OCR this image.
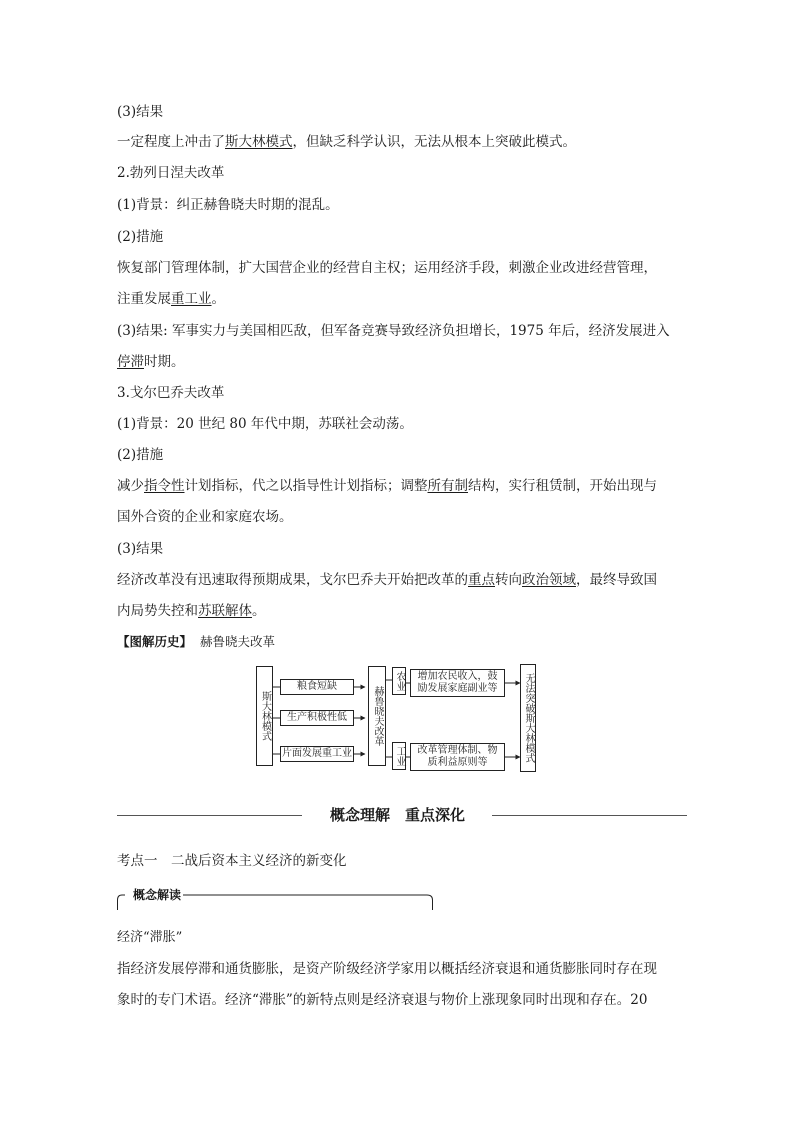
(3)结果
一定程度上冲击了斯大林模式，但缺乏科学认识，无法从根本上突破此模式。
2.勃列日涅夫改革
(1)背景：纠正赫鲁晓夫时期的混乱。
(2)措施
恢复部门管理体制，扩大国营企业的经营自主权；运用经济手段，刺激企业改进经营管理，
注重发展重工业。
(3)结果: 军事实力与美国相匹敌，但军备竞赛导致经济负担增长，1975 年后，经济发展进入
停滞时期。
3.戈尔巴乔夫改革
(1)背景：20 世纪 80 年代中期，苏联社会动荡。
(2)措施
减少指令性计划指标，代之以指导性计划指标；调整所有制结构，实行租赁制，开始出现与
国外合资的企业和家庭农场。
(3)结果
经济改革没有迅速取得预期成果，戈尔巴乔夫开始把改革的重点转向政治领域，最终导致国
内局势失控和苏联解体。
【图解历史】 赫鲁晓夫改革
斯大林模式
粮食短缺
生产积极性低
片面发展重工业
赫鲁晓夫改革
农业
工业
增加农民收入，鼓励发展家庭副业等
改革管理体制、物质利益原则等	无法突破斯大林模式
概念理解　重点深化
考点一　二战后资本主义经济的新变化
概念解读
经济“滞胀”
指经济发展停滞和通货膨胀，是资产阶级经济学家用以概括经济衰退和通货膨胀同时存在现
象时的专门术语。经济“滞胀”的新特点则是经济衰退与物价上涨现象同时出现和存在。20
